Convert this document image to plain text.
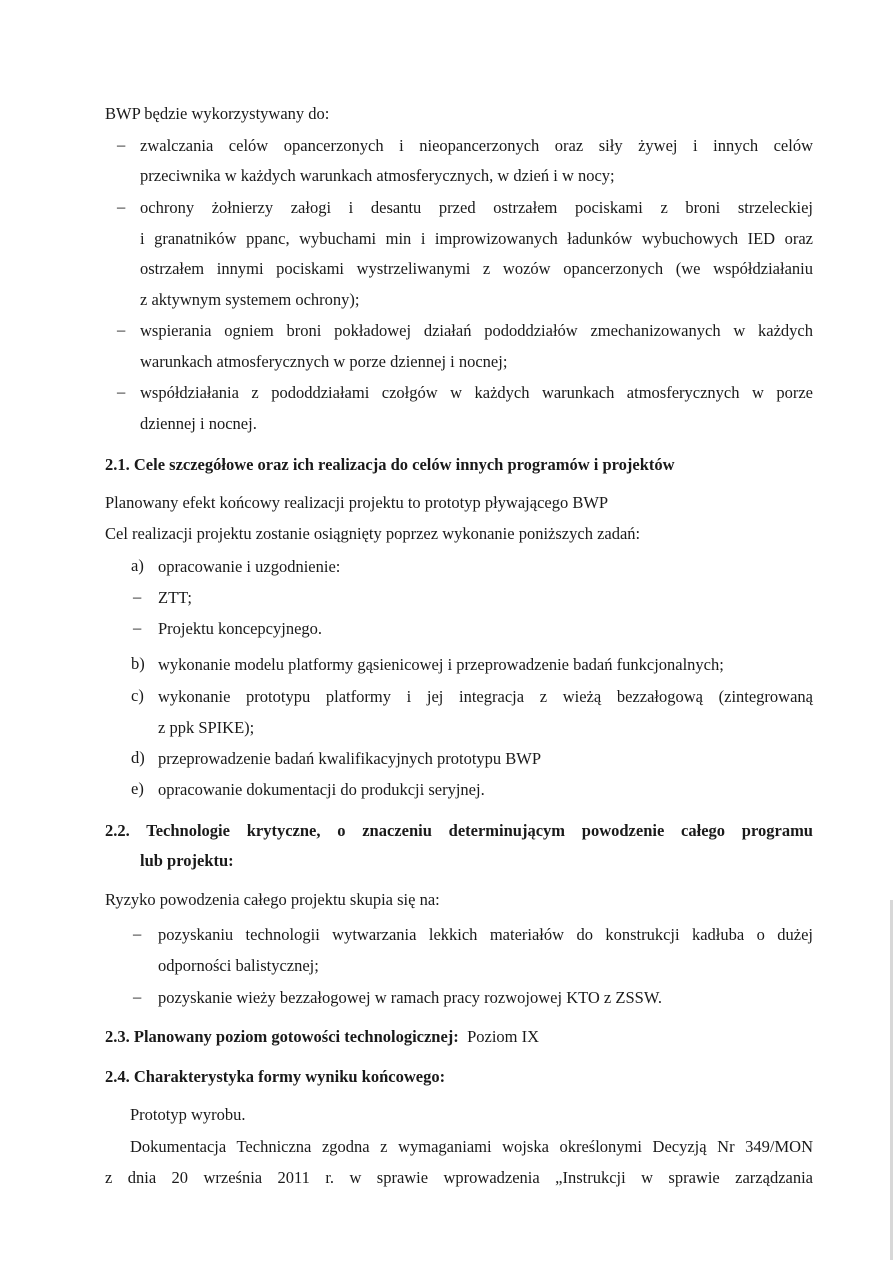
BWP będzie wykorzystywany do:
– zwalczania celów opancerzonych i nieopancerzonych oraz siły żywej i innych celów
przeciwnika w każdych warunkach atmosferycznych, w dzień i w nocy;
– ochrony żołnierzy załogi i desantu przed ostrzałem pociskami z broni strzeleckiej
i granatników ppanc, wybuchami min i improwizowanych ładunków wybuchowych IED oraz
ostrzałem innymi pociskami wystrzeliwanymi z wozów opancerzonych (we współdziałaniu
z aktywnym systemem ochrony);
– wspierania ogniem broni pokładowej działań pododdziałów zmechanizowanych w każdych
warunkach atmosferycznych w porze dziennej i nocnej;
– współdziałania z pododdziałami czołgów w każdych warunkach atmosferycznych w porze
dziennej i nocnej.
2.1. Cele szczegółowe oraz ich realizacja do celów innych programów i projektów
Planowany efekt końcowy realizacji projektu to prototyp pływającego BWP
Cel realizacji projektu zostanie osiągnięty poprzez wykonanie poniższych zadań:
a) opracowanie i uzgodnienie:
– ZTT;
– Projektu koncepcyjnego.
b) wykonanie modelu platformy gąsienicowej i przeprowadzenie badań funkcjonalnych;
c) wykonanie prototypu platformy i jej integracja z wieżą bezzałogową (zintegrowaną
z ppk SPIKE);
d) przeprowadzenie badań kwalifikacyjnych prototypu BWP
e) opracowanie dokumentacji do produkcji seryjnej.
2.2. Technologie krytyczne, o znaczeniu determinującym powodzenie całego programu
lub projektu:
Ryzyko powodzenia całego projektu skupia się na:
– pozyskaniu technologii wytwarzania lekkich materiałów do konstrukcji kadłuba o dużej
odporności balistycznej;
– pozyskanie wieży bezzałogowej w ramach pracy rozwojowej KTO z ZSSW.
2.3. Planowany poziom gotowości technologicznej: Poziom IX
2.4. Charakterystyka formy wyniku końcowego:
Prototyp wyrobu.
Dokumentacja Techniczna zgodna z wymaganiami wojska określonymi Decyzją Nr 349/MON
z dnia 20 września 2011 r. w sprawie wprowadzenia „Instrukcji w sprawie zarządzania
